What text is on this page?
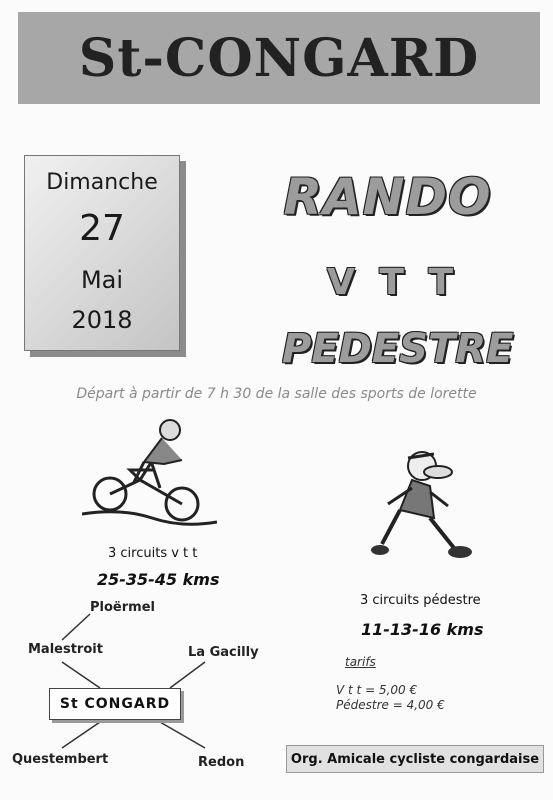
St-CONGARD
Dimanche
27
Mai
2018
RANDO
V T T
PEDESTRE
Départ à partir de 7 h 30 de la salle des sports de lorette
3 circuits v t t
25-35-45 kms
3 circuits pédestre
11-13-16 kms
Ploërmel
Malestroit	La Gacilly
St CONGARD
Questembert	Redon
tarifs
V t t = 5,00 €
Pédestre = 4,00 €
Org. Amicale cycliste congardaise
